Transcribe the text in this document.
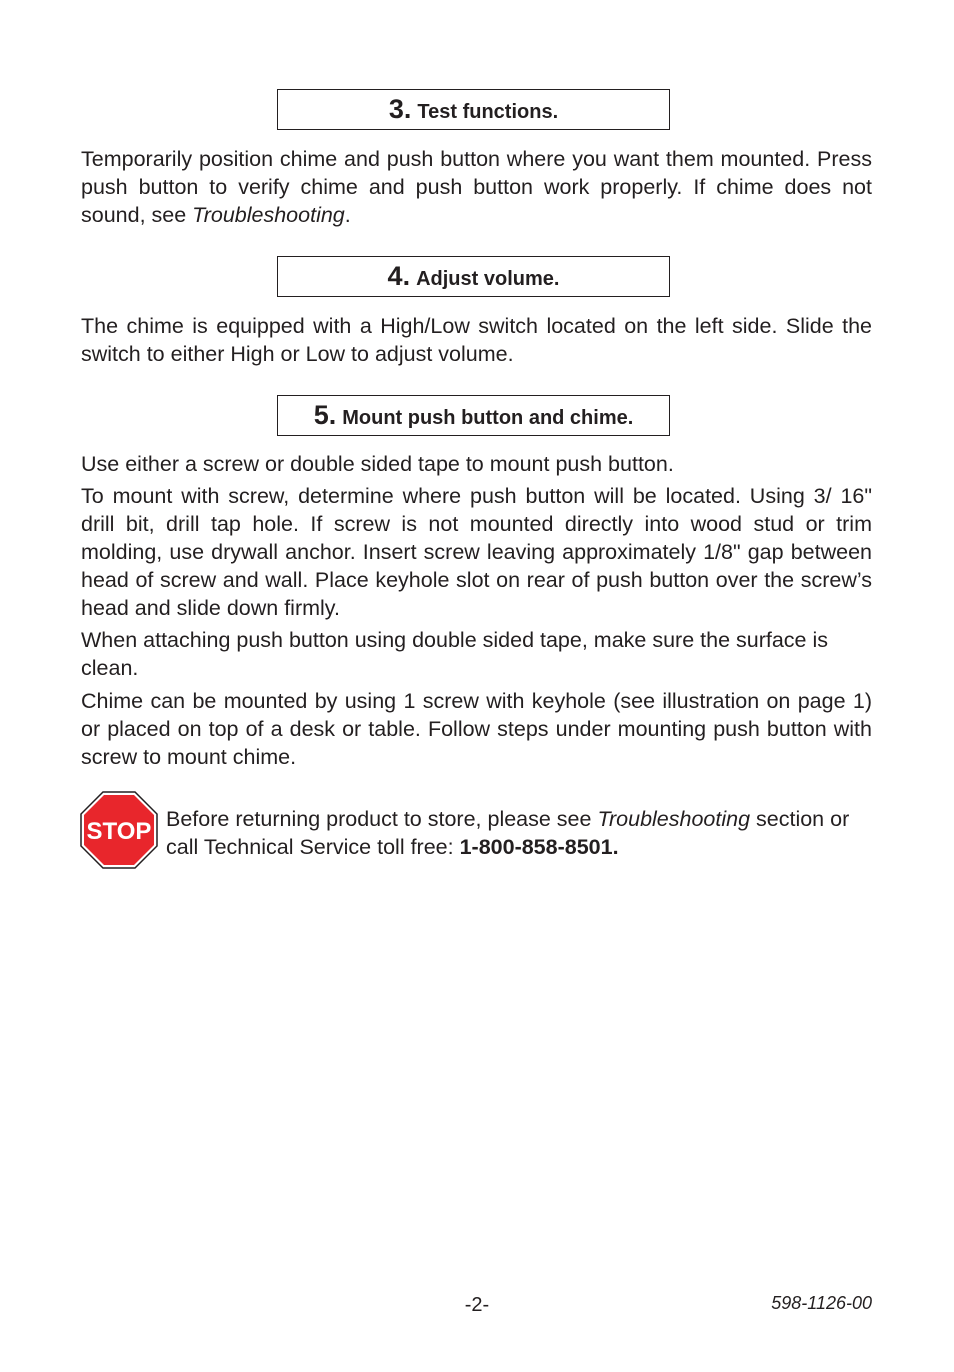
3. Test functions.

Temporarily position chime and push button where you want them mounted. Press push button to verify chime and push button work properly. If chime does not sound, see Troubleshooting.

4. Adjust volume.

The chime is equipped with a High/Low switch located on the left side. Slide the switch to either High or Low to adjust volume.

5. Mount push button and chime.

Use either a screw or double sided tape to mount push button.

To mount with screw, determine where push button will be located. Using 3/ 16" drill bit, drill tap hole. If screw is not mounted directly into wood stud or trim molding, use drywall anchor. Insert screw leaving approximately 1/8" gap between head of screw and wall. Place keyhole slot on rear of push button over the screw’s head and slide down firmly.

When attaching push button using double sided tape, make sure the surface is clean.

Chime can be mounted by using 1 screw with keyhole (see illustration on page 1) or placed on top of a desk or table. Follow steps under mounting push button with screw to mount chime.

STOP Before returning product to store, please see Troubleshooting section or call Technical Service toll free: 1-800-858-8501.

-2-	598-1126-00
